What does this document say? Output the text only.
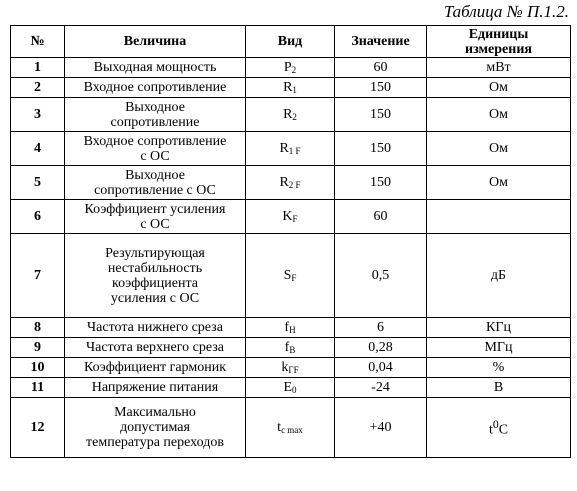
Таблица № П.1.2.
№	Величина	Вид	Значение	Единицы
измерения
1	Выходная мощность	$P_2$	60	мВт
2	Входное сопротивление	$R_1$	150	Ом
3	Выходное
сопротивление	$R_2$	150	Ом
4	Входное сопротивление
с ОС	$R_{1 F}$	150	Ом
5	Выходное
сопротивление с ОС	$R_{2 F}$	150	Ом
6	Коэффициент усиления
с ОС	$K_F$	60	
7	Результирующая
нестабильность
коэффициента
усиления с ОС	$S_F$	0,5	дБ
8	Частота нижнего среза	$f_H$	6	КГц
9	Частота верхнего среза	$f_B$	0,28	МГц
10	Коэффициент гармоник	$k_{ГF}$	0,04	%
11	Напряжение питания	$E_0$	-24	В
12	Максимально
допустимая
температура переходов	$t_{c max}$	+40	$t^0C$
